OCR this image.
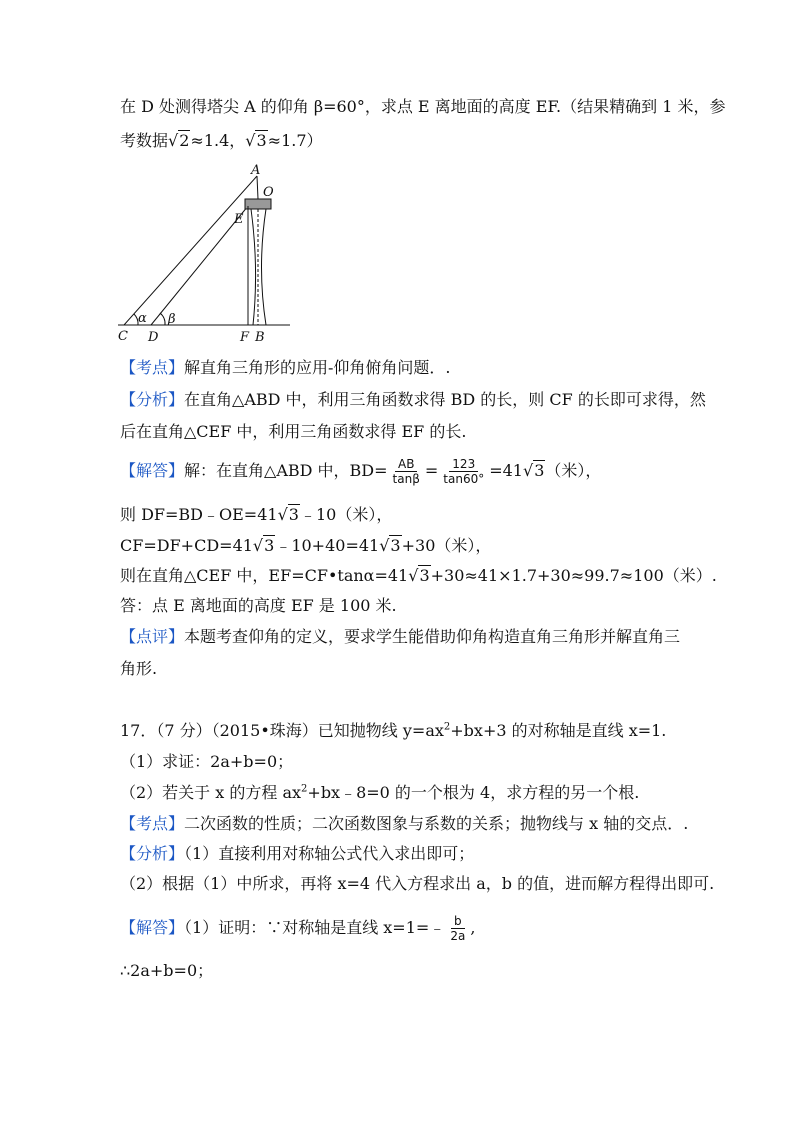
在 D 处测得塔尖 A 的仰角 β=60°，求点 E 离地面的高度 EF.（结果精确到 1 米，参
考数据√2≈1.4，√3≈1.7）
A
O
E
C
α
D
β
F B
【考点】解直角三角形的应用-仰角俯角问题．.
【分析】在直角△ABD 中，利用三角函数求得 BD 的长，则 CF 的长即可求得，然
后在直角△CEF 中，利用三角函数求得 EF 的长.
【解答】解：在直角△ABD 中，$BD= \frac{AB}{\tan\beta} = \frac{123}{\tan 60^\circ} =41√3$（米），
则 DF=BD﹣OE=41√3﹣10（米），
CF=DF+CD=41√3﹣10+40=41√3+30（米），
则在直角△CEF 中，EF=CF•tanα=41√3+30≈41×1.7+30≈99.7≈100（米）.
答：点 E 离地面的高度 EF 是 100 米.
【点评】本题考查仰角的定义，要求学生能借助仰角构造直角三角形并解直角三
角形.
17．（7 分）（2015•珠海）已知抛物线 $y=ax^2+bx+3$ 的对称轴是直线 x=1.
（1）求证：2a+b=0；
（2）若关于 x 的方程 $ax^2+bx﹣8=0$ 的一个根为 4，求方程的另一个根.
【考点】二次函数的性质；二次函数图象与系数的关系；抛物线与 x 轴的交点．.
【分析】（1）直接利用对称轴公式代入求出即可；
（2）根据（1）中所求，再将 x=4 代入方程求出 a，b 的值，进而解方程得出即可.
【解答】（1）证明：∵对称轴是直线 x=1=﹣ $\frac{b}{2a}$ ,
∴2a+b=0；
